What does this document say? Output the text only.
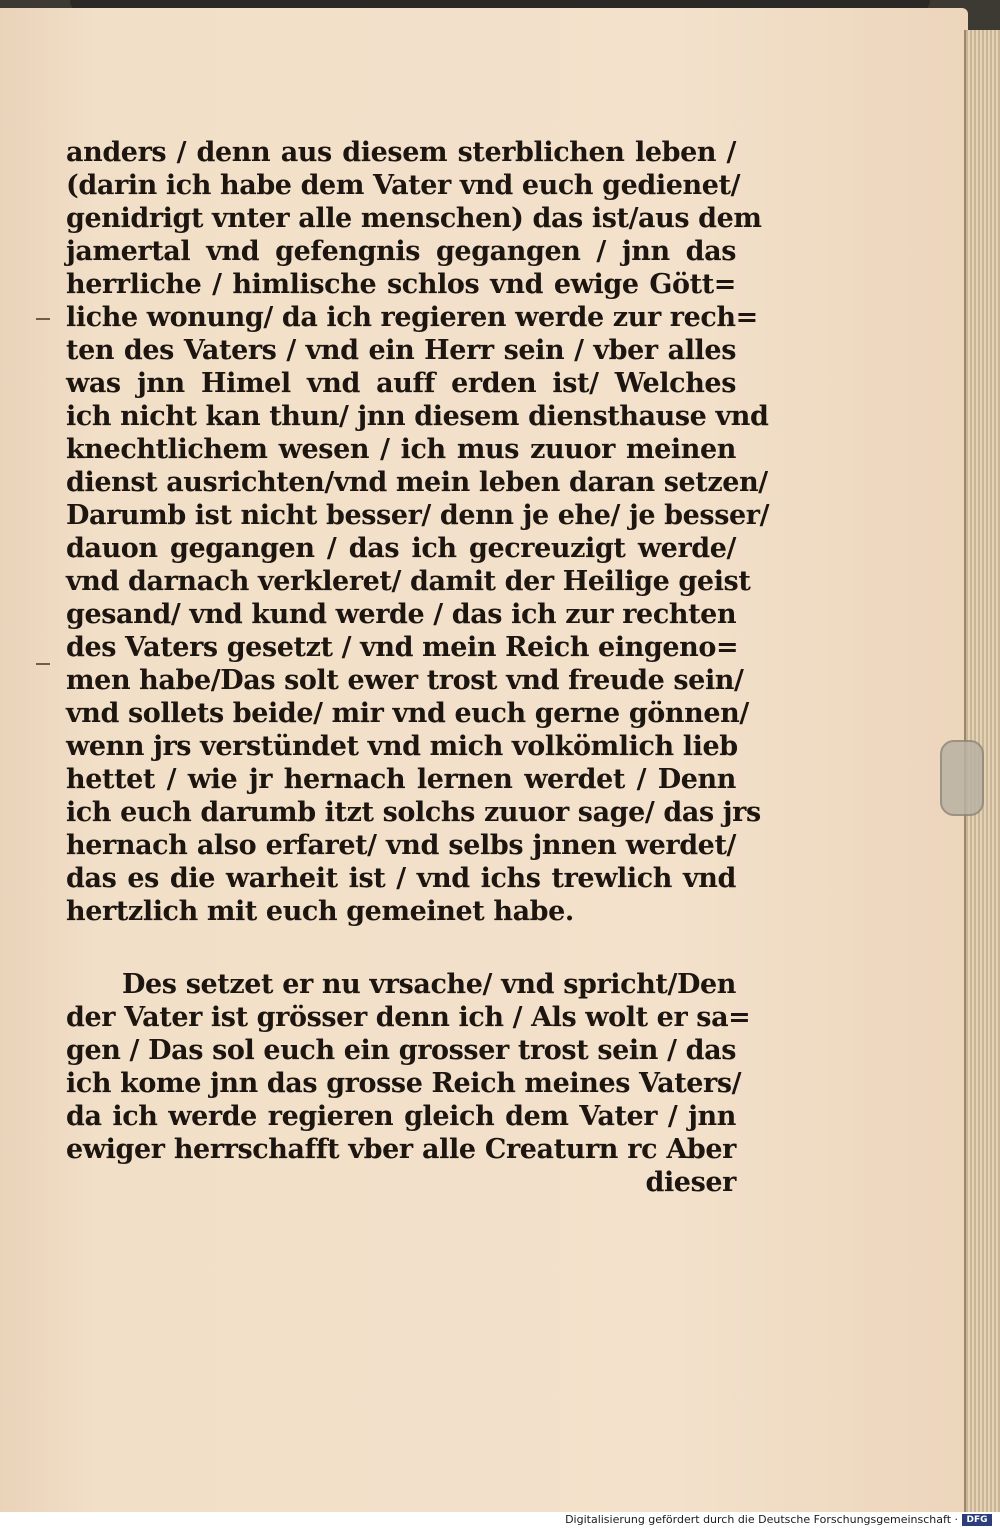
anders / denn aus diesem sterblichen leben /
(darin ich habe dem Vater vnd euch gedienet/
genidrigt vnter alle menschen) das ist/aus dem
jamertal vnd gefengnis gegangen / jnn das
herrliche / himlische schlos vnd ewige Gött=
liche wonung/ da ich regieren werde zur rech=
ten des Vaters / vnd ein Herr sein / vber alles
was jnn Himel vnd auff erden ist/ Welches
ich nicht kan thun/ jnn diesem diensthause vnd
knechtlichem wesen / ich mus zuuor meinen
dienst ausrichten/vnd mein leben daran setzen/
Darumb ist nicht besser/ denn je ehe/ je besser/
dauon gegangen / das ich gecreuzigt werde/
vnd darnach verkleret/ damit der Heilige geist
gesand/ vnd kund werde / das ich zur rechten
des Vaters gesetzt / vnd mein Reich eingeno=
men habe/Das solt ewer trost vnd freude sein/
vnd sollets beide/ mir vnd euch gerne gönnen/
wenn jrs verstündet vnd mich volkömlich lieb
hettet / wie jr hernach lernen werdet / Denn
ich euch darumb itzt solchs zuuor sage/ das jrs
hernach also erfaret/ vnd selbs jnnen werdet/
das es die warheit ist / vnd ichs trewlich vnd
hertzlich mit euch gemeinet habe.
Des setzet er nu vrsache/ vnd spricht/Den
der Vater ist grösser denn ich / Als wolt er sa=
gen / Das sol euch ein grosser trost sein / das
ich kome jnn das grosse Reich meines Vaters/
da ich werde regieren gleich dem Vater / jnn
ewiger herrschafft vber alle Creaturn rc Aber
dieser
Digitalisierung gefördert durch die Deutsche Forschungsgemeinschaft · DFG
